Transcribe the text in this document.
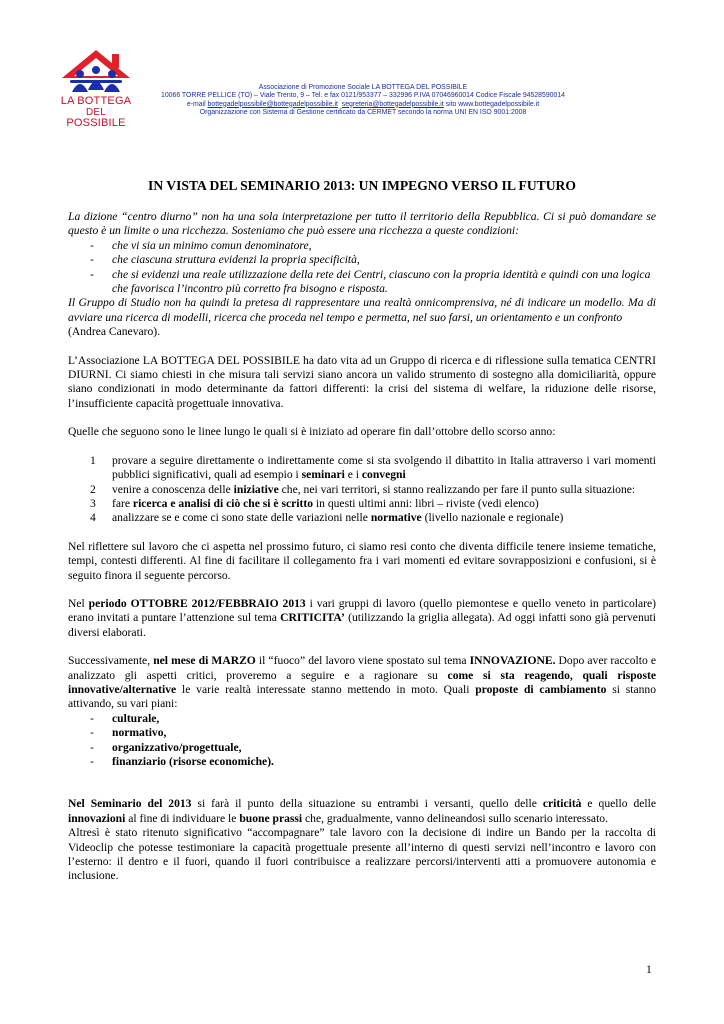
LA BOTTEGA
DEL
POSSIBILE
Associazione di Promozione Sociale LA BOTTEGA DEL POSSIBILE
10066 TORRE PELLICE (TO) – Viale Trento, 9 – Tel. e fax 0121/953377 – 332996 P.IVA 07046960014 Codice Fiscale 94528590014
e-mail bottegadelpossibile@bottegadelpossibile.it segreteria@bottegadelpossibile.it sito www.bottegadelpossibile.it
Organizzazione con Sistema di Gestione certificato da CERMET secondo la norma UNI EN ISO 9001:2008
IN VISTA DEL SEMINARIO 2013: UN IMPEGNO VERSO IL FUTURO

La dizione “centro diurno” non ha una sola interpretazione per tutto il territorio della Repubblica. Ci si può domandare se questo è un limite o una ricchezza. Sosteniamo che può essere una ricchezza a queste condizioni:

- che vi sia un minimo comun denominatore,
- che ciascuna struttura evidenzi la propria specificità,
- che si evidenzi una reale utilizzazione della rete dei Centri, ciascuno con la propria identità e quindi con una logica che favorisca l’incontro più corretto fra bisogno e risposta.

Il Gruppo di Studio non ha quindi la pretesa di rappresentare una realtà onnicomprensiva, né di indicare un modello. Ma di avviare una ricerca di modelli, ricerca che proceda nel tempo e permetta, nel suo farsi, un orientamento e un confronto

(Andrea Canevaro).

L’Associazione LA BOTTEGA DEL POSSIBILE ha dato vita ad un Gruppo di ricerca e di riflessione sulla tematica CENTRI DIURNI. Ci siamo chiesti in che misura tali servizi siano ancora un valido strumento di sostegno alla domiciliarità, oppure siano condizionati in modo determinante da fattori differenti: la crisi del sistema di welfare, la riduzione delle risorse, l’insufficiente capacità progettuale innovativa.

Quelle che seguono sono le linee lungo le quali si è iniziato ad operare fin dall’ottobre dello scorso anno:

1 provare a seguire direttamente o indirettamente come si sta svolgendo il dibattito in Italia attraverso i vari momenti pubblici significativi, quali ad esempio i seminari e i convegni
2 venire a conoscenza delle iniziative che, nei vari territori, si stanno realizzando per fare il punto sulla situazione:
3 fare ricerca e analisi di ciò che si è scritto in questi ultimi anni: libri – riviste (vedi elenco)
4 analizzare se e come ci sono state delle variazioni nelle normative (livello nazionale e regionale)

Nel riflettere sul lavoro che ci aspetta nel prossimo futuro, ci siamo resi conto che diventa difficile tenere insieme tematiche, tempi, contesti differenti. Al fine di facilitare il collegamento fra i vari momenti ed evitare sovrapposizioni e confusioni, si è seguito finora il seguente percorso.

Nel periodo OTTOBRE 2012/FEBBRAIO 2013 i vari gruppi di lavoro (quello piemontese e quello veneto in particolare) erano invitati a puntare l’attenzione sul tema CRITICITA’ (utilizzando la griglia allegata). Ad oggi infatti sono già pervenuti diversi elaborati.

Successivamente, nel mese di MARZO il “fuoco” del lavoro viene spostato sul tema INNOVAZIONE. Dopo aver raccolto e analizzato gli aspetti critici, proveremo a seguire e a ragionare su come si sta reagendo, quali risposte innovative/alternative le varie realtà interessate stanno mettendo in moto. Quali proposte di cambiamento si stanno attivando, su vari piani:

- culturale,
- normativo,
- organizzativo/progettuale,
- finanziario (risorse economiche).

Nel Seminario del 2013 si farà il punto della situazione su entrambi i versanti, quello delle criticità e quello delle innovazioni al fine di individuare le buone prassi che, gradualmente, vanno delineandosi sullo scenario interessato.

Altresì è stato ritenuto significativo “accompagnare” tale lavoro con la decisione di indire un Bando per la raccolta di Videoclip che potesse testimoniare la capacità progettuale presente all’interno di questi servizi nell’incontro e lavoro con l’esterno: il dentro e il fuori, quando il fuori contribuisce a realizzare percorsi/interventi atti a promuovere autonomia e inclusione.

1
